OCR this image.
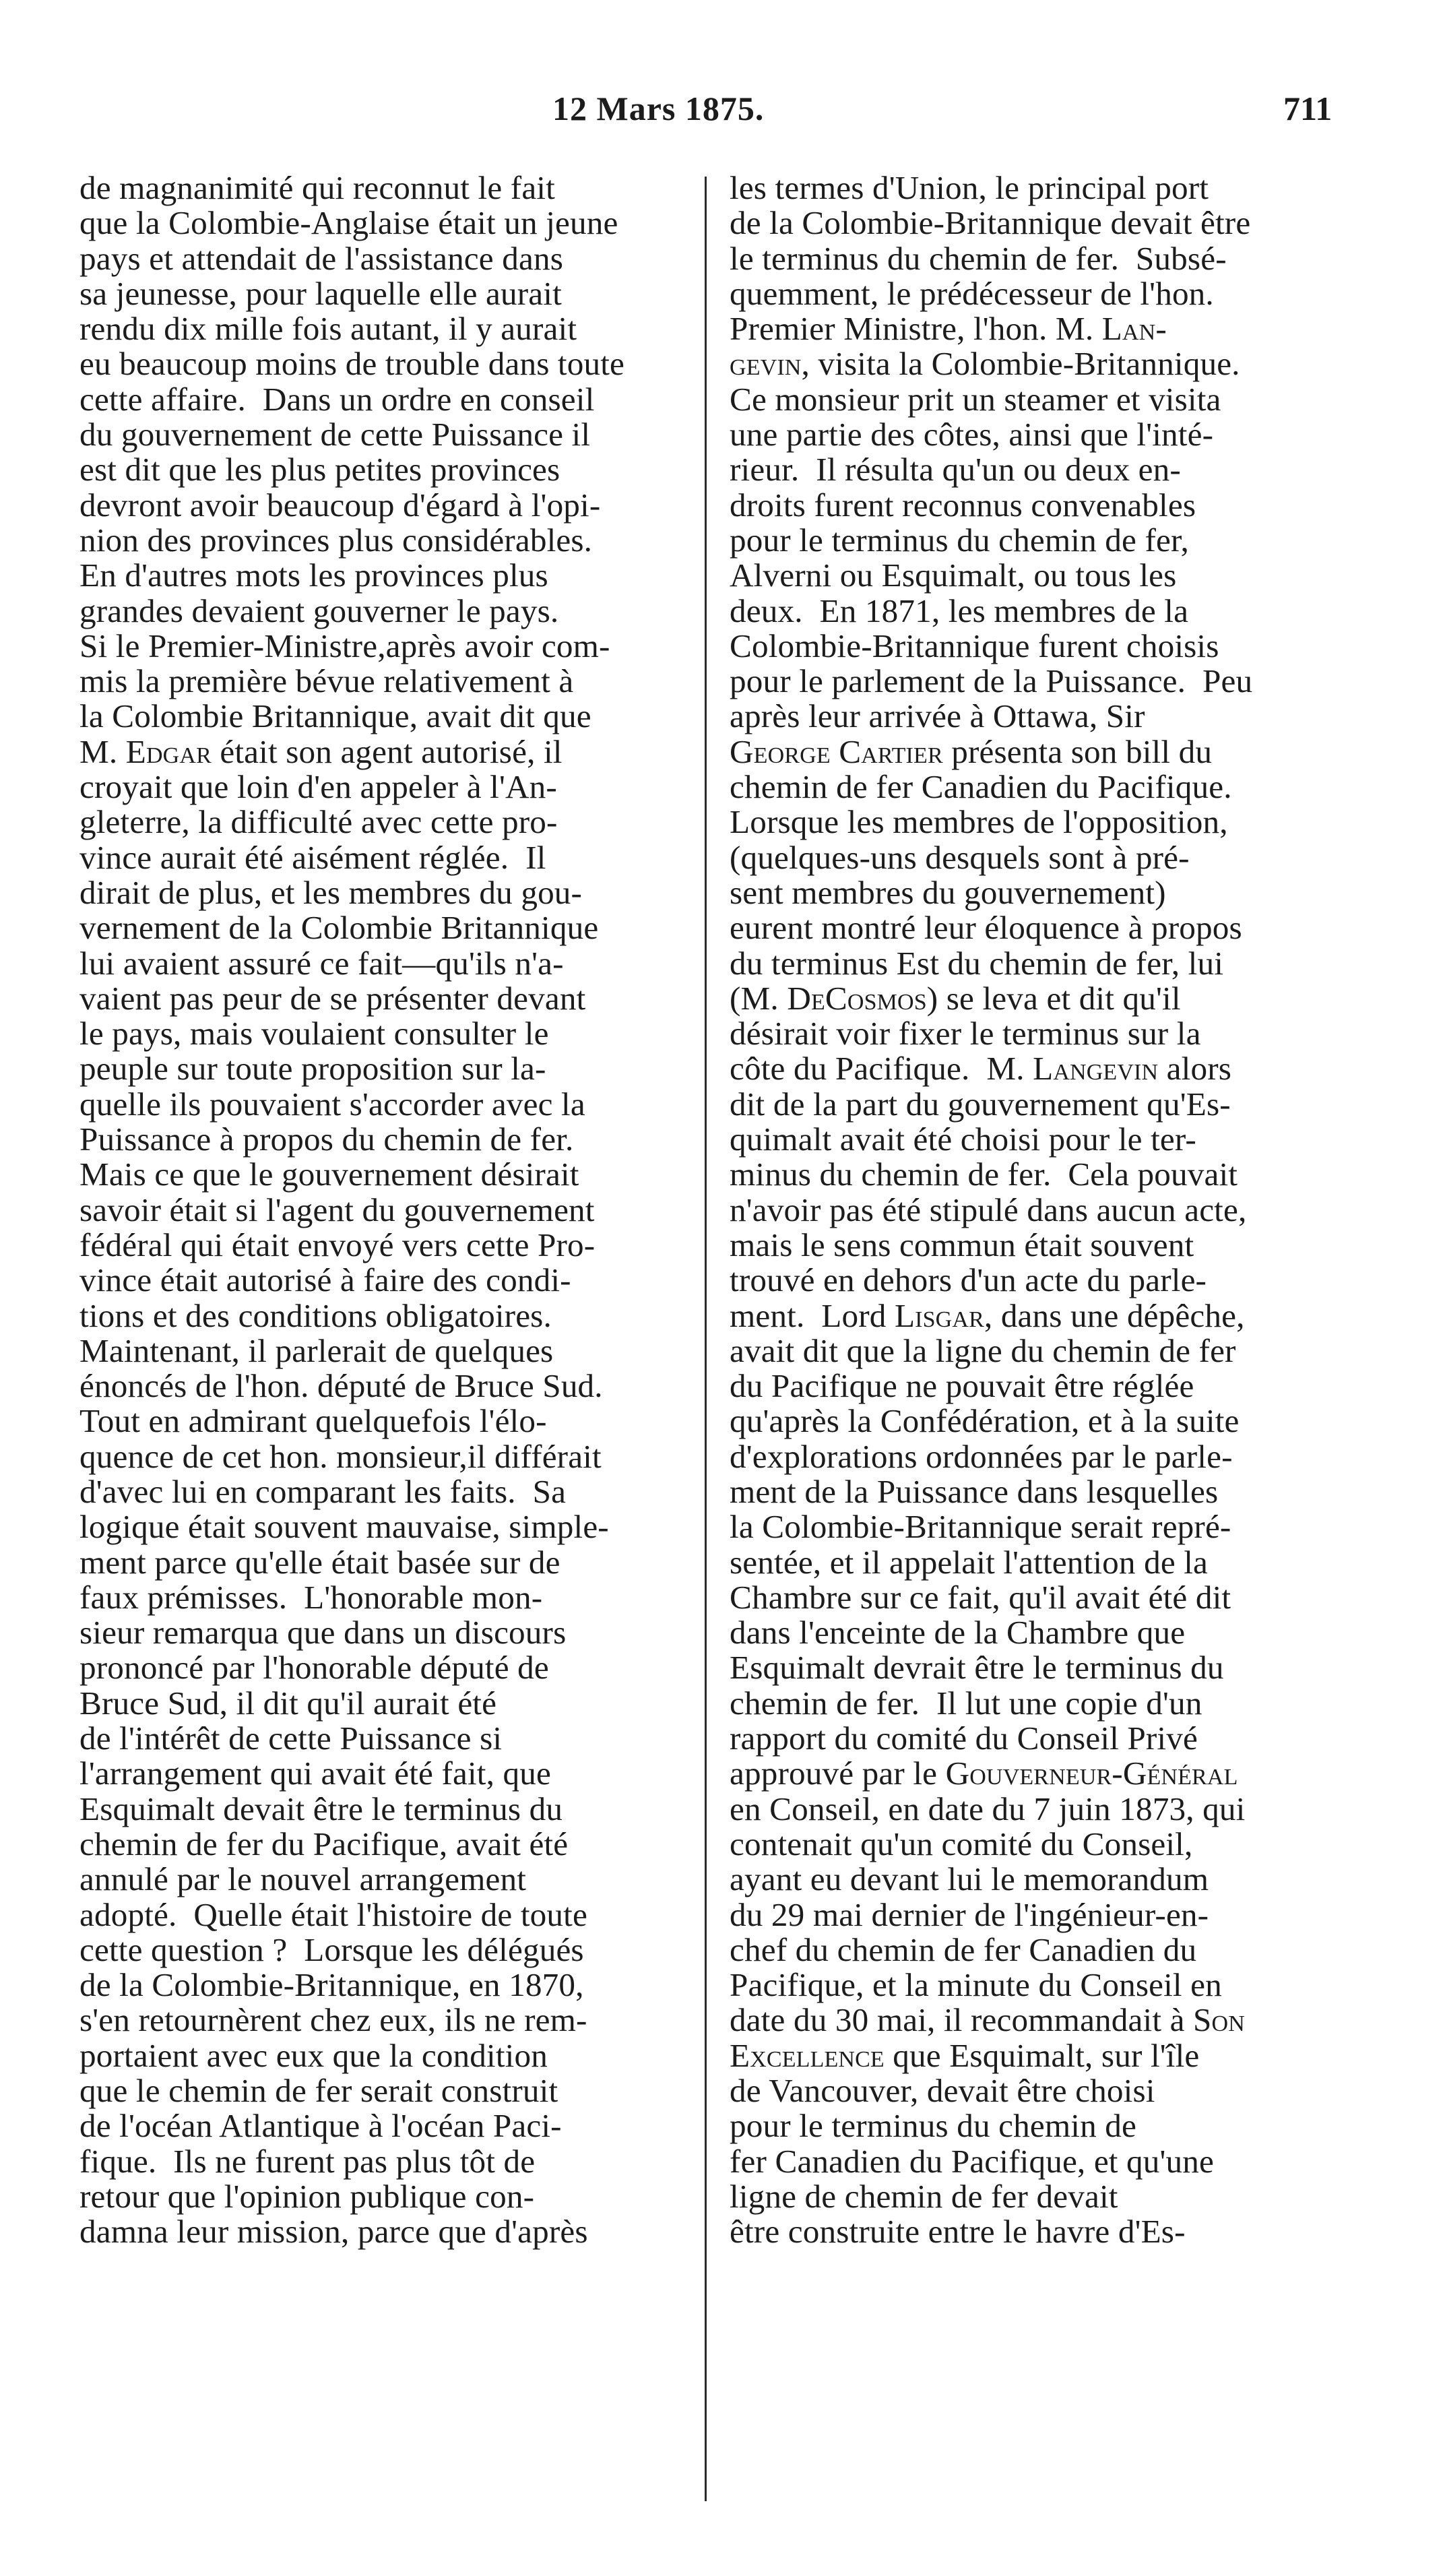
12 Mars 1875.	711
de magnanimité qui reconnut le fait
que la Colombie-Anglaise était un jeune
pays et attendait de l'assistance dans
sa jeunesse, pour laquelle elle aurait
rendu dix mille fois autant, il y aurait
eu beaucoup moins de trouble dans toute
cette affaire.  Dans un ordre en conseil
du gouvernement de cette Puissance il
est dit que les plus petites provinces
devront avoir beaucoup d'égard à l'opi-
nion des provinces plus considérables.
En d'autres mots les provinces plus
grandes devaient gouverner le pays.
Si le Premier-Ministre,après avoir com-
mis la première bévue relativement à
la Colombie Britannique, avait dit que
M. Edgar était son agent autorisé, il
croyait que loin d'en appeler à l'An-
gleterre, la difficulté avec cette pro-
vince aurait été aisément réglée.  Il
dirait de plus, et les membres du gou-
vernement de la Colombie Britannique
lui avaient assuré ce fait—qu'ils n'a-
vaient pas peur de se présenter devant
le pays, mais voulaient consulter le
peuple sur toute proposition sur la-
quelle ils pouvaient s'accorder avec la
Puissance à propos du chemin de fer.
Mais ce que le gouvernement désirait
savoir était si l'agent du gouvernement
fédéral qui était envoyé vers cette Pro-
vince était autorisé à faire des condi-
tions et des conditions obligatoires.
Maintenant, il parlerait de quelques
énoncés de l'hon. député de Bruce Sud.
Tout en admirant quelquefois l'élo-
quence de cet hon. monsieur,il différait
d'avec lui en comparant les faits.  Sa
logique était souvent mauvaise, simple-
ment parce qu'elle était basée sur de
faux prémisses.  L'honorable mon-
sieur remarqua que dans un discours
prononcé par l'honorable député de
Bruce Sud, il dit qu'il aurait été
de l'intérêt de cette Puissance si
l'arrangement qui avait été fait, que
Esquimalt devait être le terminus du
chemin de fer du Pacifique, avait été
annulé par le nouvel arrangement
adopté.  Quelle était l'histoire de toute
cette question ?  Lorsque les délégués
de la Colombie-Britannique, en 1870,
s'en retournèrent chez eux, ils ne rem-
portaient avec eux que la condition
que le chemin de fer serait construit
de l'océan Atlantique à l'océan Paci-
fique.  Ils ne furent pas plus tôt de
retour que l'opinion publique con-
damna leur mission, parce que d'après
les termes d'Union, le principal port
de la Colombie-Britannique devait être
le terminus du chemin de fer.  Subsé-
quemment, le prédécesseur de l'hon.
Premier Ministre, l'hon. M. Lan-
gevin, visita la Colombie-Britannique.
Ce monsieur prit un steamer et visita
une partie des côtes, ainsi que l'inté-
rieur.  Il résulta qu'un ou deux en-
droits furent reconnus convenables
pour le terminus du chemin de fer,
Alverni ou Esquimalt, ou tous les
deux.  En 1871, les membres de la
Colombie-Britannique furent choisis
pour le parlement de la Puissance.  Peu
après leur arrivée à Ottawa, Sir
George Cartier présenta son bill du
chemin de fer Canadien du Pacifique.
Lorsque les membres de l'opposition,
(quelques-uns desquels sont à pré-
sent membres du gouvernement)
eurent montré leur éloquence à propos
du terminus Est du chemin de fer, lui
(M. DeCosmos) se leva et dit qu'il
désirait voir fixer le terminus sur la
côte du Pacifique.  M. Langevin alors
dit de la part du gouvernement qu'Es-
quimalt avait été choisi pour le ter-
minus du chemin de fer.  Cela pouvait
n'avoir pas été stipulé dans aucun acte,
mais le sens commun était souvent
trouvé en dehors d'un acte du parle-
ment.  Lord Lisgar, dans une dépêche,
avait dit que la ligne du chemin de fer
du Pacifique ne pouvait être réglée
qu'après la Confédération, et à la suite
d'explorations ordonnées par le parle-
ment de la Puissance dans lesquelles
la Colombie-Britannique serait repré-
sentée, et il appelait l'attention de la
Chambre sur ce fait, qu'il avait été dit
dans l'enceinte de la Chambre que
Esquimalt devrait être le terminus du
chemin de fer.  Il lut une copie d'un
rapport du comité du Conseil Privé
approuvé par le Gouverneur-Général
en Conseil, en date du 7 juin 1873, qui
contenait qu'un comité du Conseil,
ayant eu devant lui le memorandum
du 29 mai dernier de l'ingénieur-en-
chef du chemin de fer Canadien du
Pacifique, et la minute du Conseil en
date du 30 mai, il recommandait à Son
Excellence que Esquimalt, sur l'île
de Vancouver, devait être choisi
pour le terminus du chemin de
fer Canadien du Pacifique, et qu'une
ligne de chemin de fer devait
être construite entre le havre d'Es-
